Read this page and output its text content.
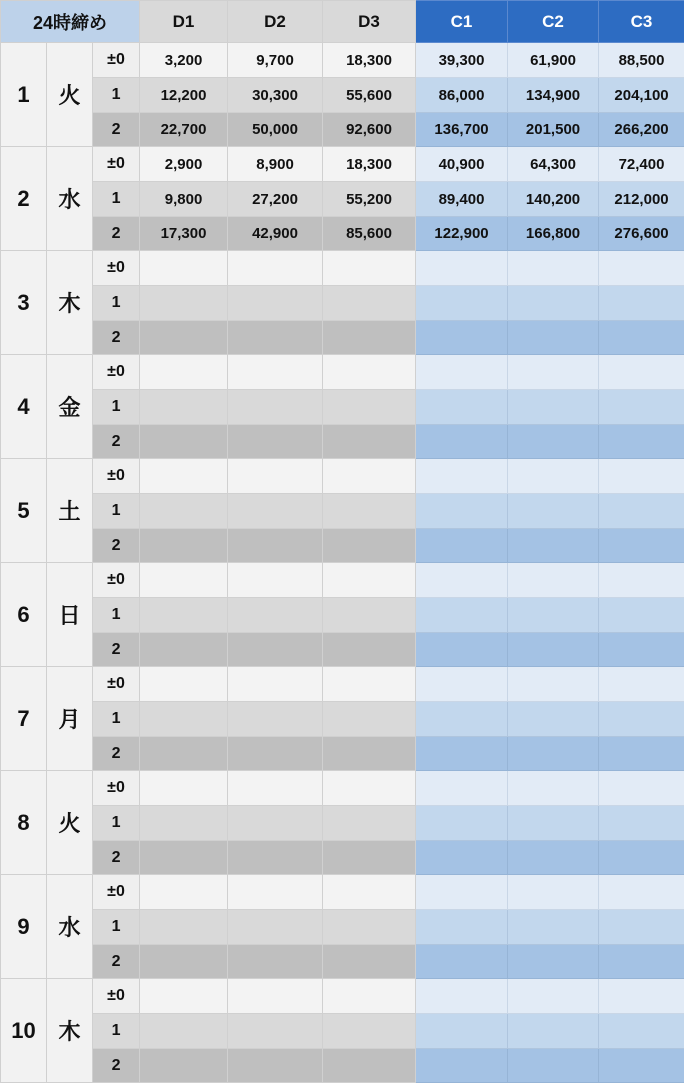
24時締め			D1	D2	D3	C1	C2	C3
1	火	±0	3,200	9,700	18,300	39,300	61,900	88,500
		1	12,200	30,300	55,600	86,000	134,900	204,100
		2	22,700	50,000	92,600	136,700	201,500	266,200
2	水	±0	2,900	8,900	18,300	40,900	64,300	72,400
		1	9,800	27,200	55,200	89,400	140,200	212,000
		2	17,300	42,900	85,600	122,900	166,800	276,600
3	木	±0						
		1						
		2						
4	金	±0						
		1						
		2						
5	土	±0						
		1						
		2						
6	日	±0						
		1						
		2						
7	月	±0						
		1						
		2						
8	火	±0						
		1						
		2						
9	水	±0						
		1						
		2						
10	木	±0						
		1						
		2						
